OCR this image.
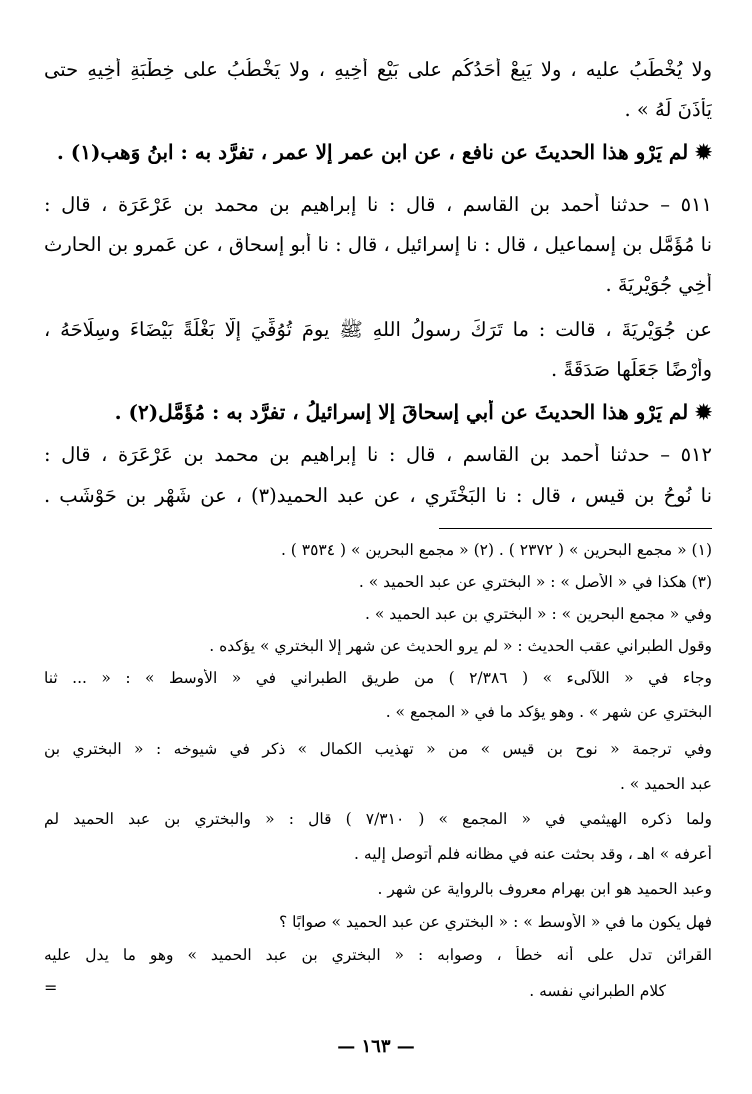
ولا يُخْطَبُ عليه ، ولا يَبِعْ أَحَدُكُم على بَيْعِ أَخِيهِ ، ولا يَخْطُبُ على خِطْبَةِ أَخِيهِ حتى
يَأْذَنَ لَهُ » .
✹ لم يَرْوِ هذا الحديثَ عن نافع ، عن ابن عمر إلا عمر ، تفرَّد به : ابنُ وَهب(١) .
٥١١ – حدثنا أحمد بن القاسم ، قال : نا إبراهيم بن محمد بن عَرْعَرَة ، قال :
نا مُؤَمَّل بن إسماعيل ، قال : نا إسرائيل ، قال : نا أبو إسحاق ، عن عَمرو بن الحارث
أَخِي جُوَيْرِيَةَ .
عن جُوَيْرِيَةَ ، قالت : ما تَرَكَ رسولُ اللهِ ﷺ يومَ تُوُفِّيَ إِلَّا بَغْلَةً بَيْضَاءَ وسِلَاحَهُ ،
وأَرْضًا جَعَلَها صَدَقَةً .
✹ لم يَرْوِ هذا الحديثَ عن أبي إسحاقَ إلا إسرائيلُ ، تفرَّد به : مُؤَمَّل(٢) .
٥١٢ – حدثنا أحمد بن القاسم ، قال : نا إبراهيم بن محمد بن عَرْعَرَة ، قال :
نا نُوحُ بن قيس ، قال : نا البَخْتَري ، عن عبد الحميد(٣) ، عن شَهْر بن حَوْشَب .
(١) « مجمع البحرين » ( ٢٣٧٢ ) . (٢) « مجمع البحرين » ( ٣٥٣٤ ) .
(٣) هكذا في « الأصل » : « البختري عن عبد الحميد » .
وفي « مجمع البحرين » : « البختري بن عبد الحميد » .
وقول الطبراني عقب الحديث : « لم يرو الحديث عن شهر إلا البختري » يؤكده .
وجاء في « اللآلىء » ( ٢/٣٨٦ ) من طريق الطبراني في « الأوسط » : « ... ثنا
البختري عن شهر » . وهو يؤكد ما في « المجمع » .
وفي ترجمة « نوح بن قيس » من « تهذيب الكمال » ذكر في شيوخه : « البختري بن
عبد الحميد » .
ولما ذكره الهيثمي في « المجمع » ( ٧/٣١٠ ) قال : « والبختري بن عبد الحميد لم
أعرفه » اهـ ، وقد بحثت عنه في مظانه فلم أتوصل إليه .
وعبد الحميد هو ابن بهرام معروف بالرواية عن شهر .
فهل يكون ما في « الأوسط » : « البختري عن عبد الحميد » صوابًا ؟
القرائن تدل على أنه خطأ ، وصوابه : « البختري بن عبد الحميد » وهو ما يدل عليه
كلام الطبراني نفسه .
=
— ١٦٣ —
